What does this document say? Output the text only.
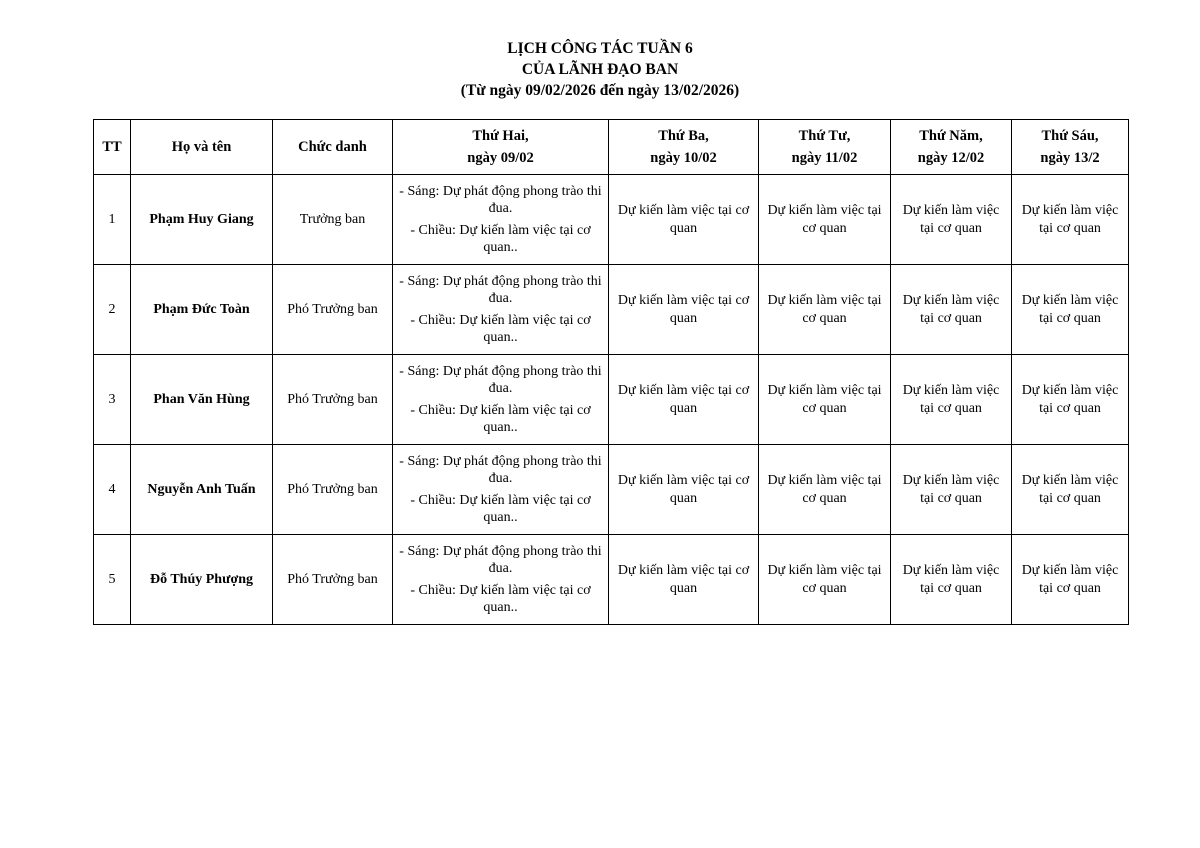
LỊCH CÔNG TÁC TUẦN 6
CỦA LÃNH ĐẠO BAN
(Từ ngày 09/02/2026 đến ngày 13/02/2026)
TT	Họ và tên	Chức danh	Thứ Hai,
ngày 09/02	Thứ Ba,
ngày 10/02	Thứ Tư,
ngày 11/02	Thứ Năm,
ngày 12/02	Thứ Sáu,
ngày 13/2

1	Phạm Huy Giang	Trưởng ban	- Sáng: Dự phát động phong trào thi đua.
- Chiều: Dự kiến làm việc tại cơ quan..	Dự kiến làm việc tại cơ quan	Dự kiến làm việc tại cơ quan	Dự kiến làm việc tại cơ quan	Dự kiến làm việc tại cơ quan
2	Phạm Đức Toàn	Phó Trưởng ban	- Sáng: Dự phát động phong trào thi đua.
- Chiều: Dự kiến làm việc tại cơ quan..	Dự kiến làm việc tại cơ quan	Dự kiến làm việc tại cơ quan	Dự kiến làm việc tại cơ quan	Dự kiến làm việc tại cơ quan
3	Phan Văn Hùng	Phó Trưởng ban	- Sáng: Dự phát động phong trào thi đua.
- Chiều: Dự kiến làm việc tại cơ quan..	Dự kiến làm việc tại cơ quan	Dự kiến làm việc tại cơ quan	Dự kiến làm việc tại cơ quan	Dự kiến làm việc tại cơ quan
4	Nguyễn Anh Tuấn	Phó Trưởng ban	- Sáng: Dự phát động phong trào thi đua.
- Chiều: Dự kiến làm việc tại cơ quan..	Dự kiến làm việc tại cơ quan	Dự kiến làm việc tại cơ quan	Dự kiến làm việc tại cơ quan	Dự kiến làm việc tại cơ quan
5	Đỗ Thúy Phượng	Phó Trưởng ban	- Sáng: Dự phát động phong trào thi đua.
- Chiều: Dự kiến làm việc tại cơ quan..	Dự kiến làm việc tại cơ quan	Dự kiến làm việc tại cơ quan	Dự kiến làm việc tại cơ quan	Dự kiến làm việc tại cơ quan
